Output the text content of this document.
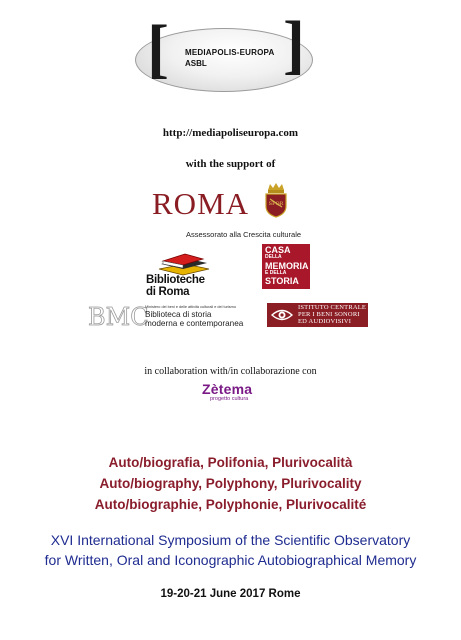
[ ]
MEDIAPOLIS-EUROPA
ASBL
http://mediapoliseuropa.com
with the support of
ROMA	SPQR
Assessorato alla Crescita culturale
Biblioteche
di Roma
CASA
DELLA
MEMORIA
E DELLA
STORIA
BMC
Ministero dei beni e delle attività culturali e del turismo
Biblioteca di storia
moderna e contemporanea
ISTITUTO CENTRALE
PER I BENI SONORI
ED AUDIOVISIVI
in collaboration with/in collaborazione con
Zètema
progetto cultura
Auto/biografia, Polifonia, Plurivocalità
Auto/biography, Polyphony, Plurivocality
Auto/biographie, Polyphonie, Plurivocalité
XVI International Symposium of the Scientific Observatory
for Written, Oral and Iconographic Autobiographical Memory
19-20-21 June 2017 Rome
